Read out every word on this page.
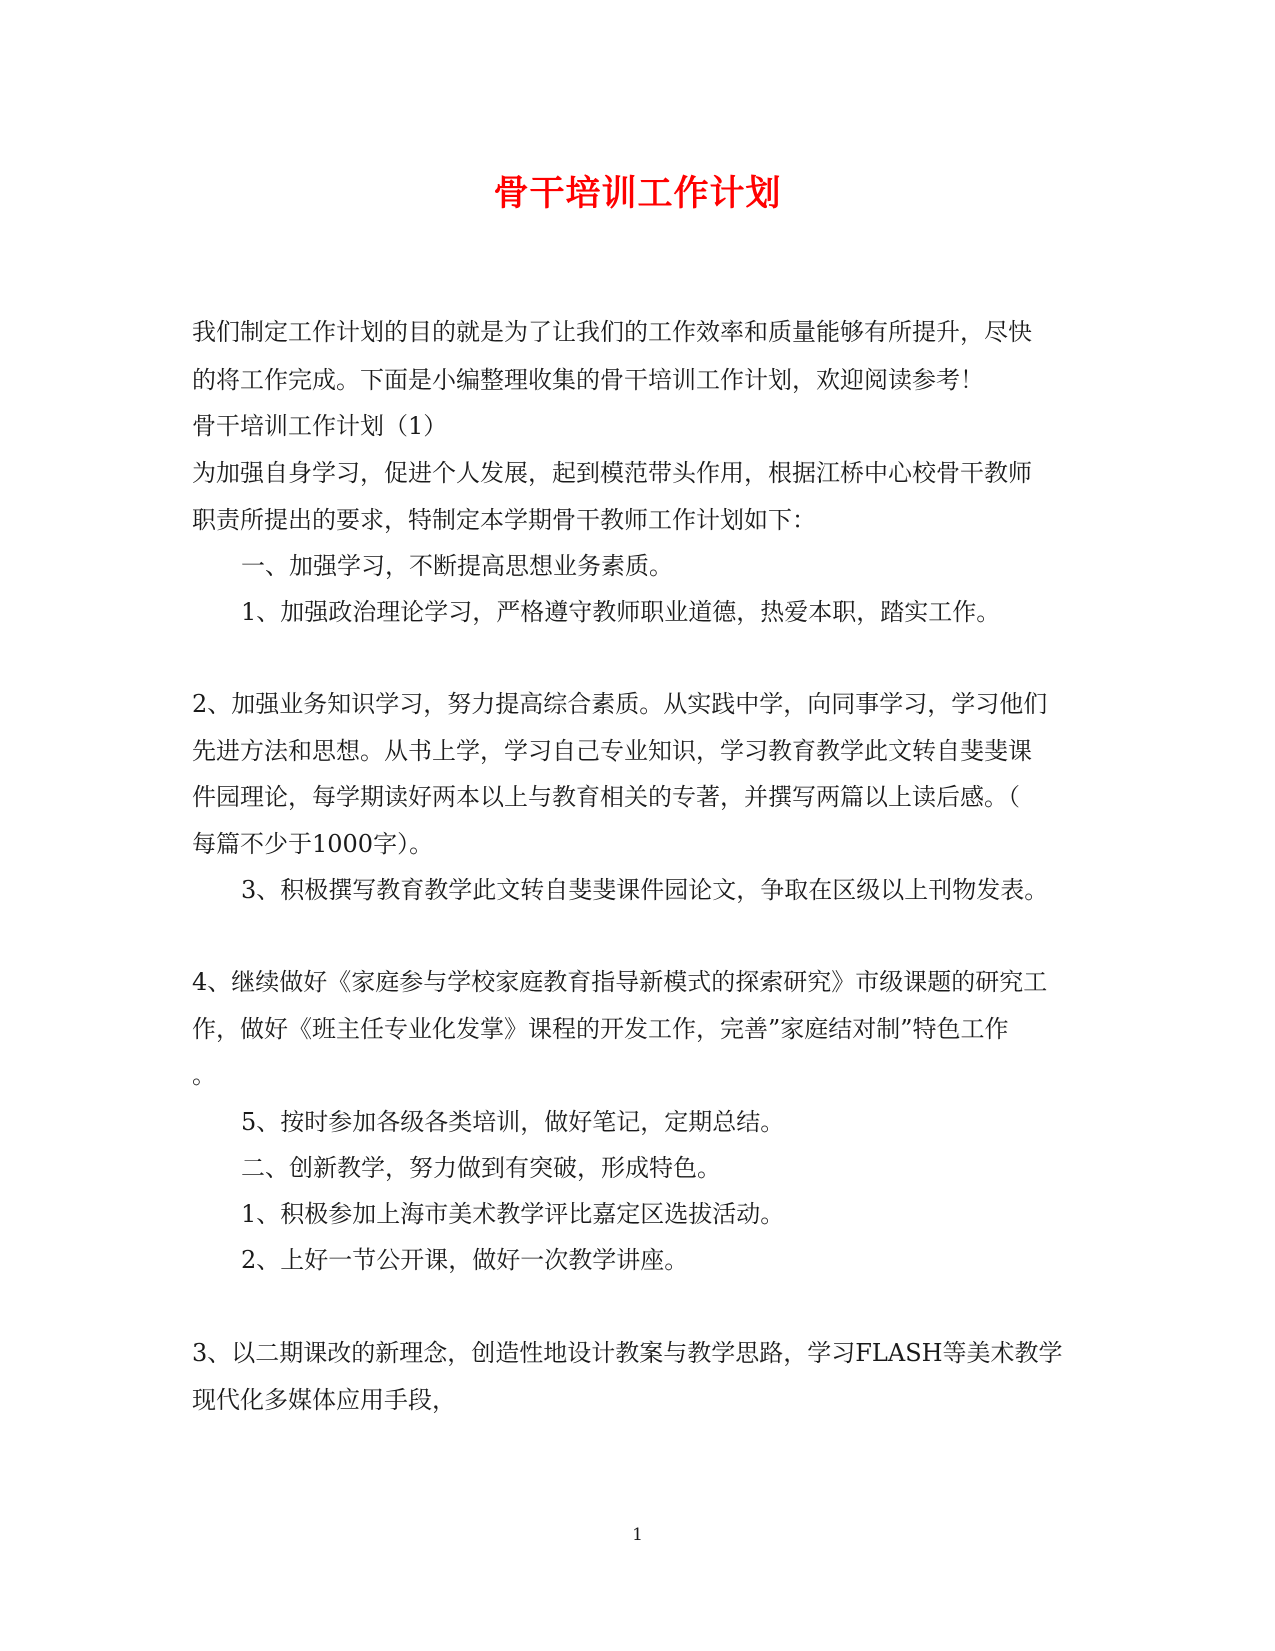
骨干培训工作计划
我们制定工作计划的目的就是为了让我们的工作效率和质量能够有所提升，尽快
的将工作完成。下面是小编整理收集的骨干培训工作计划，欢迎阅读参考！
骨干培训工作计划（1）
为加强自身学习，促进个人发展，起到模范带头作用，根据江桥中心校骨干教师
职责所提出的要求，特制定本学期骨干教师工作计划如下：
一、加强学习，不断提高思想业务素质。
1、加强政治理论学习，严格遵守教师职业道德，热爱本职，踏实工作。
2、加强业务知识学习，努力提高综合素质。从实践中学，向同事学习，学习他们
先进方法和思想。从书上学，学习自己专业知识，学习教育教学此文转自斐斐课
件园理论，每学期读好两本以上与教育相关的专著，并撰写两篇以上读后感。（
每篇不少于1000字）。
3、积极撰写教育教学此文转自斐斐课件园论文，争取在区级以上刊物发表。
4、继续做好《家庭参与学校家庭教育指导新模式的探索研究》市级课题的研究工
作，做好《班主任专业化发掌》课程的开发工作，完善”家庭结对制”特色工作
。
5、按时参加各级各类培训，做好笔记，定期总结。
二、创新教学，努力做到有突破，形成特色。
1、积极参加上海市美术教学评比嘉定区选拔活动。
2、上好一节公开课，做好一次教学讲座。
3、以二期课改的新理念，创造性地设计教案与教学思路，学习FLASH等美术教学
现代化多媒体应用手段，
1
